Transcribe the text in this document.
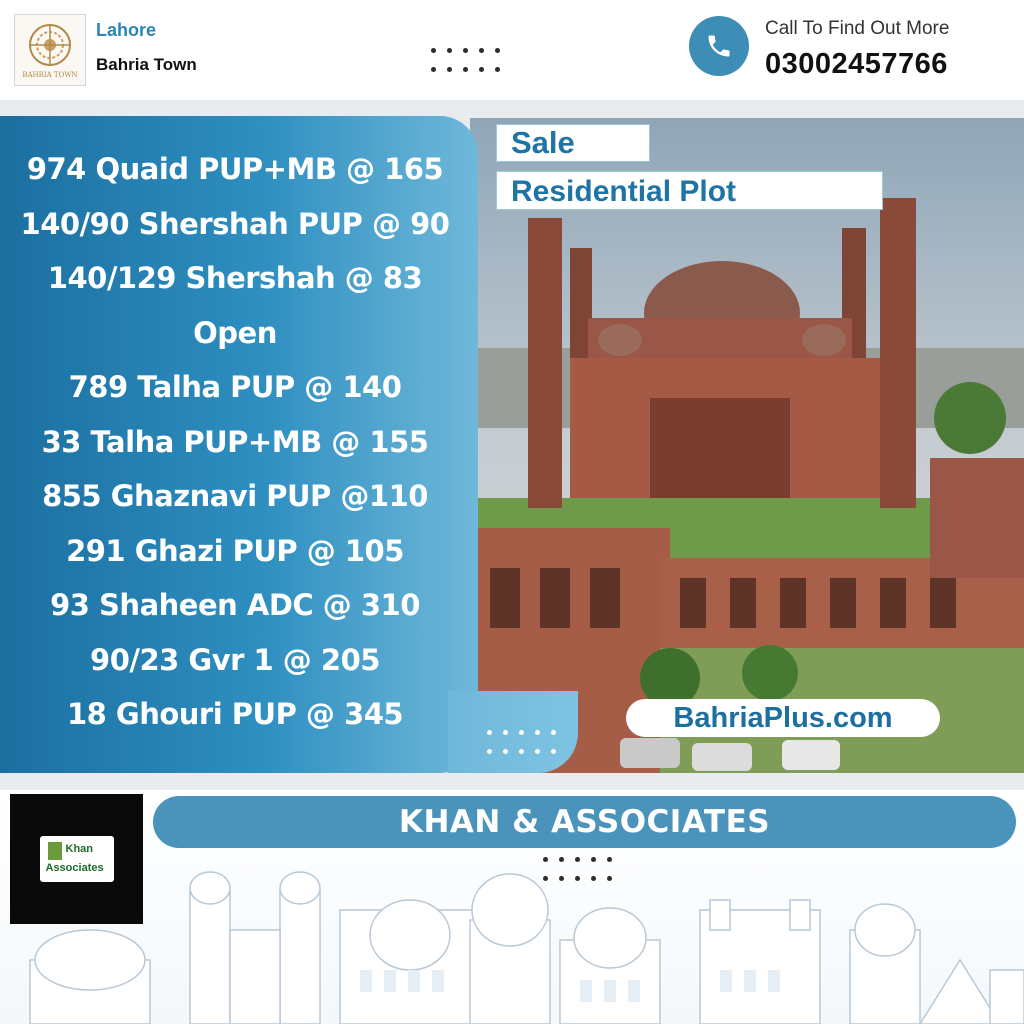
BAHRIA TOWN
Lahore
Bahria Town
Call To Find Out More
03002457766
974 Quaid PUP+MB @ 165
140/90 Shershah PUP @ 90
140/129 Shershah @ 83
Open
789 Talha PUP @ 140
33 Talha PUP+MB @ 155
855 Ghaznavi PUP @110
291 Ghazi PUP @ 105
93 Shaheen ADC @ 310
90/23 Gvr 1 @ 205
18 Ghouri PUP @ 345
Sale
Residential Plot
BahriaPlus.com
Khan
Associates
KHAN & ASSOCIATES
